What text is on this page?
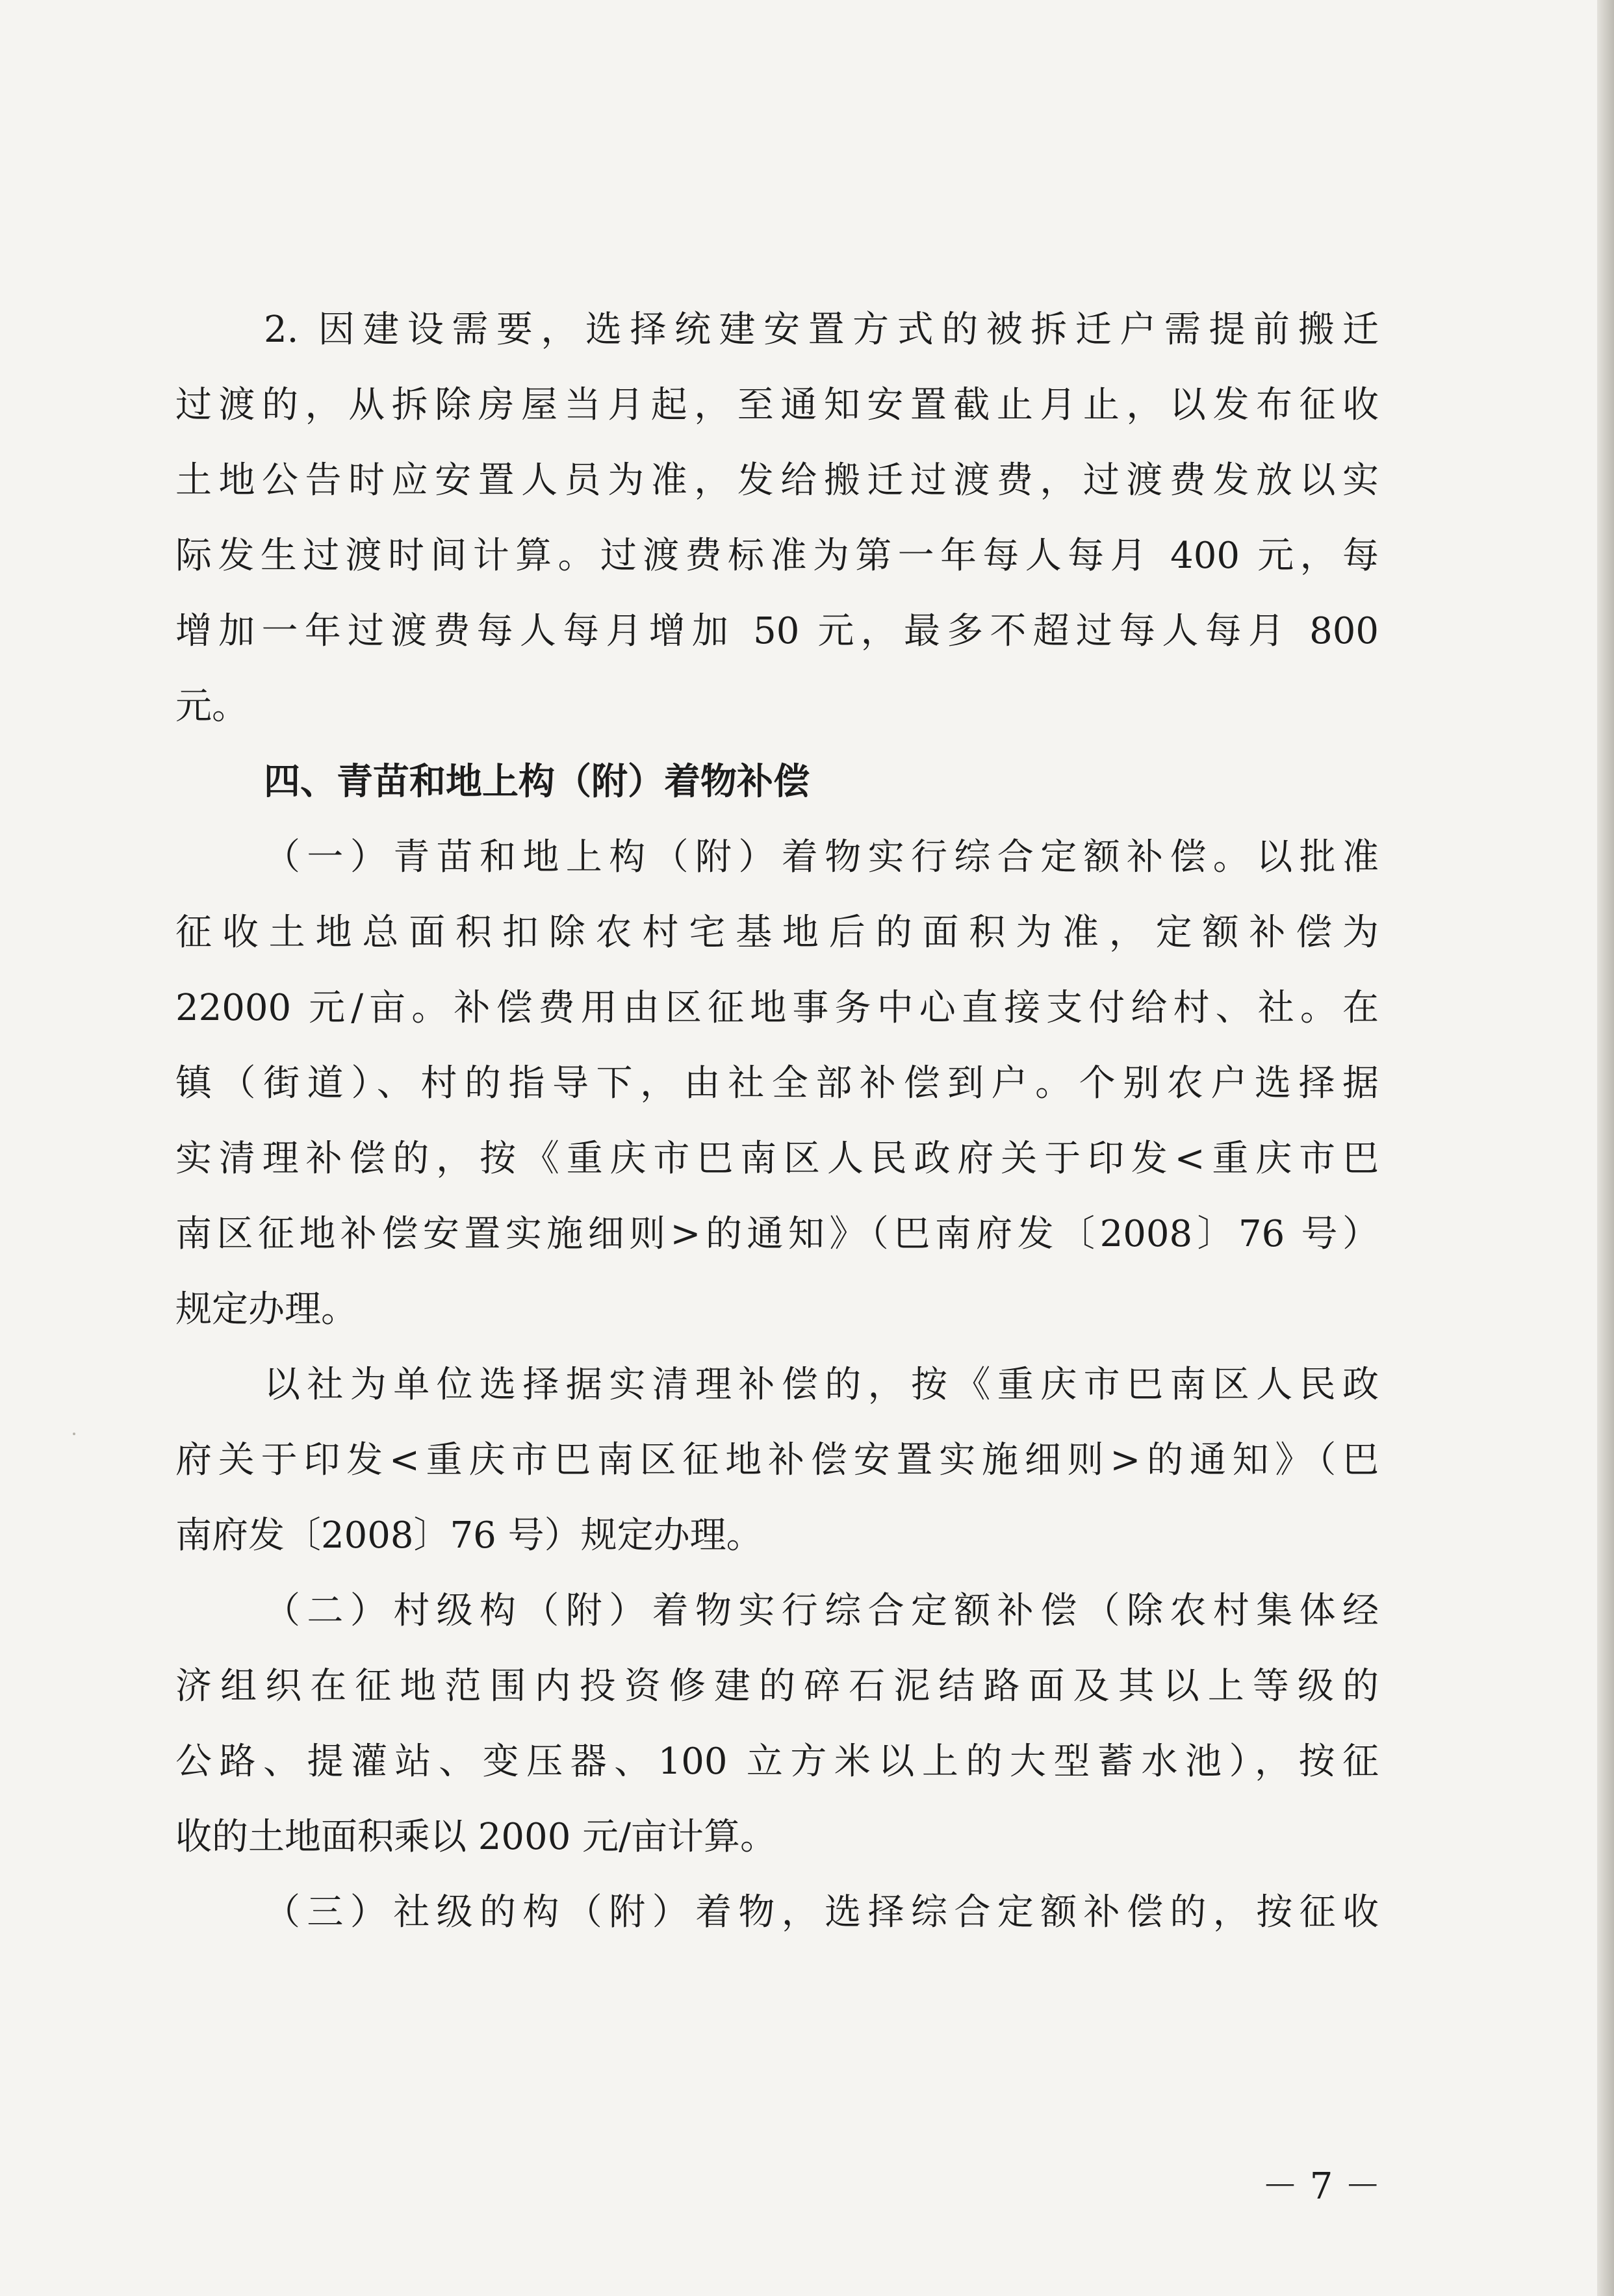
2. 因建设需要，选择统建安置方式的被拆迁户需提前搬迁

过渡的，从拆除房屋当月起，至通知安置截止月止，以发布征收

土地公告时应安置人员为准，发给搬迁过渡费，过渡费发放以实

际发生过渡时间计算。过渡费标准为第一年每人每月 400 元，每

增加一年过渡费每人每月增加 50 元，最多不超过每人每月 800

元。

四、青苗和地上构（附）着物补偿

（一）青苗和地上构（附）着物实行综合定额补偿。以批准

征收土地总面积扣除农村宅基地后的面积为准，定额补偿为

22000 元/亩。补偿费用由区征地事务中心直接支付给村、社。在

镇（街道）、村的指导下，由社全部补偿到户。个别农户选择据

实清理补偿的，按《重庆市巴南区人民政府关于印发<重庆市巴

南区征地补偿安置实施细则>的通知》（巴南府发〔2008〕76 号）

规定办理。

以社为单位选择据实清理补偿的，按《重庆市巴南区人民政

府关于印发<重庆市巴南区征地补偿安置实施细则>的通知》（巴

南府发〔2008〕76 号）规定办理。

（二）村级构（附）着物实行综合定额补偿（除农村集体经

济组织在征地范围内投资修建的碎石泥结路面及其以上等级的

公路、提灌站、变压器、100 立方米以上的大型蓄水池），按征

收的土地面积乘以 2000 元/亩计算。

（三）社级的构（附）着物，选择综合定额补偿的，按征收

－ 7 －
